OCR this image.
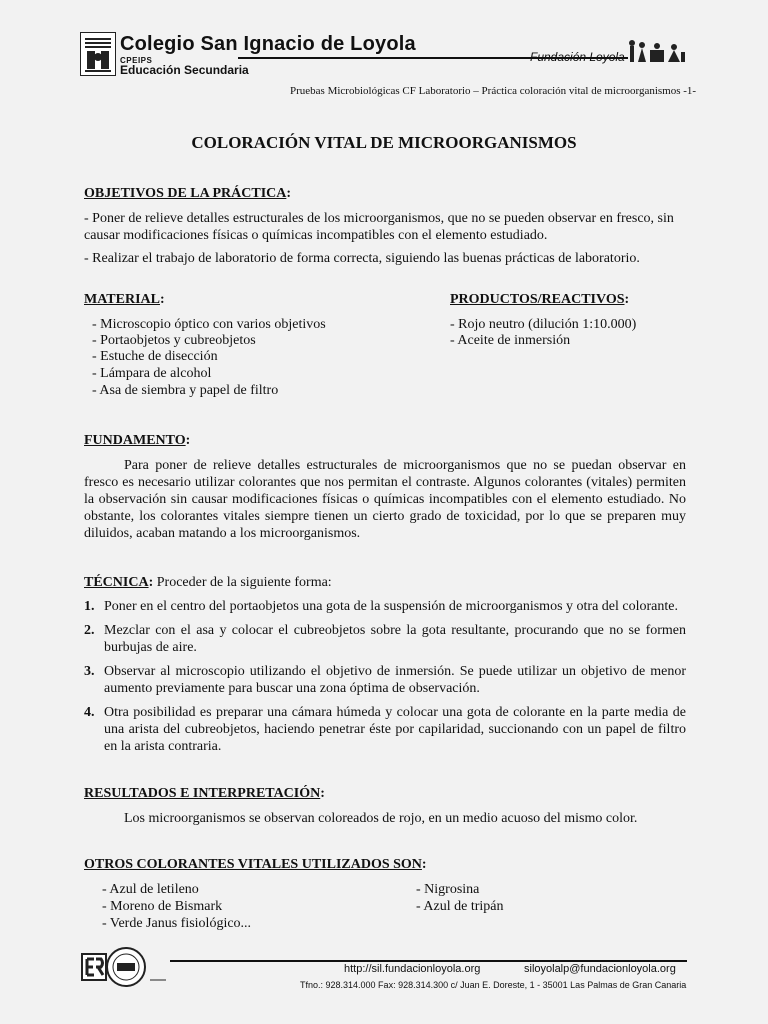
Colegio San Ignacio de Loyola
CPEIPS
Educación Secundaria
Fundación Loyola
Pruebas Microbiológicas CF Laboratorio – Práctica coloración vital de microorganismos -1-
COLORACIÓN VITAL DE MICROORGANISMOS
OBJETIVOS DE LA PRÁCTICA:
- Poner de relieve detalles estructurales de los microorganismos, que no se pueden observar en fresco, sin causar modificaciones físicas o químicas incompatibles con el elemento estudiado.
- Realizar el trabajo de laboratorio de forma correcta, siguiendo las buenas prácticas de laboratorio.
MATERIAL:
- Microscopio óptico con varios objetivos
- Portaobjetos y cubreobjetos
- Estuche de disección
- Lámpara de alcohol
- Asa de siembra y papel de filtro
PRODUCTOS/REACTIVOS:
- Rojo neutro (dilución 1:10.000)
- Aceite de inmersión
FUNDAMENTO:
Para poner de relieve detalles estructurales de microorganismos que no se puedan observar en fresco es necesario utilizar colorantes que nos permitan el contraste. Algunos colorantes (vitales) permiten la observación sin causar modificaciones físicas o químicas incompatibles con el elemento estudiado. No obstante, los colorantes vitales siempre tienen un cierto grado de toxicidad, por lo que se preparen muy diluidos, acaban matando a los microorganismos.
TÉCNICA: Proceder de la siguiente forma:
1. Poner en el centro del portaobjetos una gota de la suspensión de microorganismos y otra del colorante.
2. Mezclar con el asa y colocar el cubreobjetos sobre la gota resultante, procurando que no se formen burbujas de aire.
3. Observar al microscopio utilizando el objetivo de inmersión. Se puede utilizar un objetivo de menor aumento previamente para buscar una zona óptima de observación.
4. Otra posibilidad es preparar una cámara húmeda y colocar una gota de colorante en la parte media de una arista del cubreobjetos, haciendo penetrar éste por capilaridad, succionando con un papel de filtro en la arista contraria.
RESULTADOS E INTERPRETACIÓN:
Los microorganismos se observan coloreados de rojo, en un medio acuoso del mismo color.
OTROS COLORANTES VITALES UTILIZADOS SON:
- Azul de letileno
- Moreno de Bismark
- Verde Janus fisiológico...
- Nigrosina
- Azul de tripán
http://sil.fundacionloyola.org	siloyolalp@fundacionloyola.org
Tfno.: 928.314.000 Fax: 928.314.300 c/ Juan E. Doreste, 1 - 35001 Las Palmas de Gran Canaria
